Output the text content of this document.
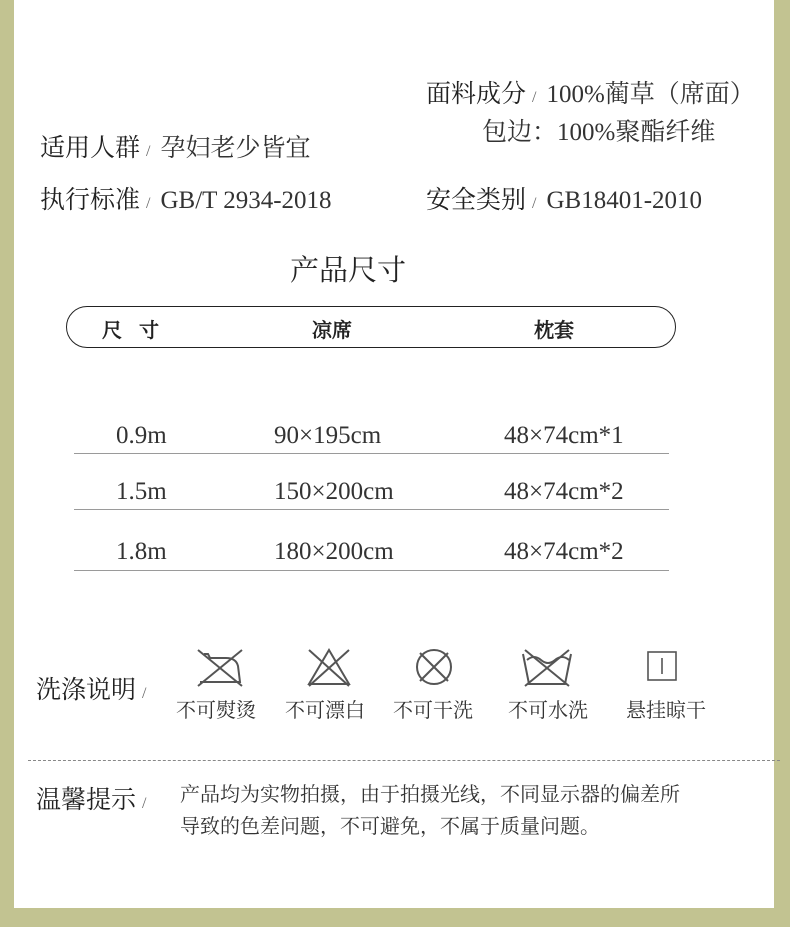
面料成分 / 100%蔺草（席面）
包边：100%聚酯纤维
适用人群 / 孕妇老少皆宜
执行标准 / GB/T 2934-2018	安全类别 / GB18401-2010
产品尺寸
尺 寸	凉席	枕套
0.9m	90×195cm	48×74cm*1
1.5m	150×200cm	48×74cm*2
1.8m	180×200cm	48×74cm*2
洗涤说明 /
不可熨烫 不可漂白 不可干洗 不可水洗 悬挂晾干
温馨提示 /	产品均为实物拍摄，由于拍摄光线，不同显示器的偏差所
导致的色差问题，不可避免，不属于质量问题。
